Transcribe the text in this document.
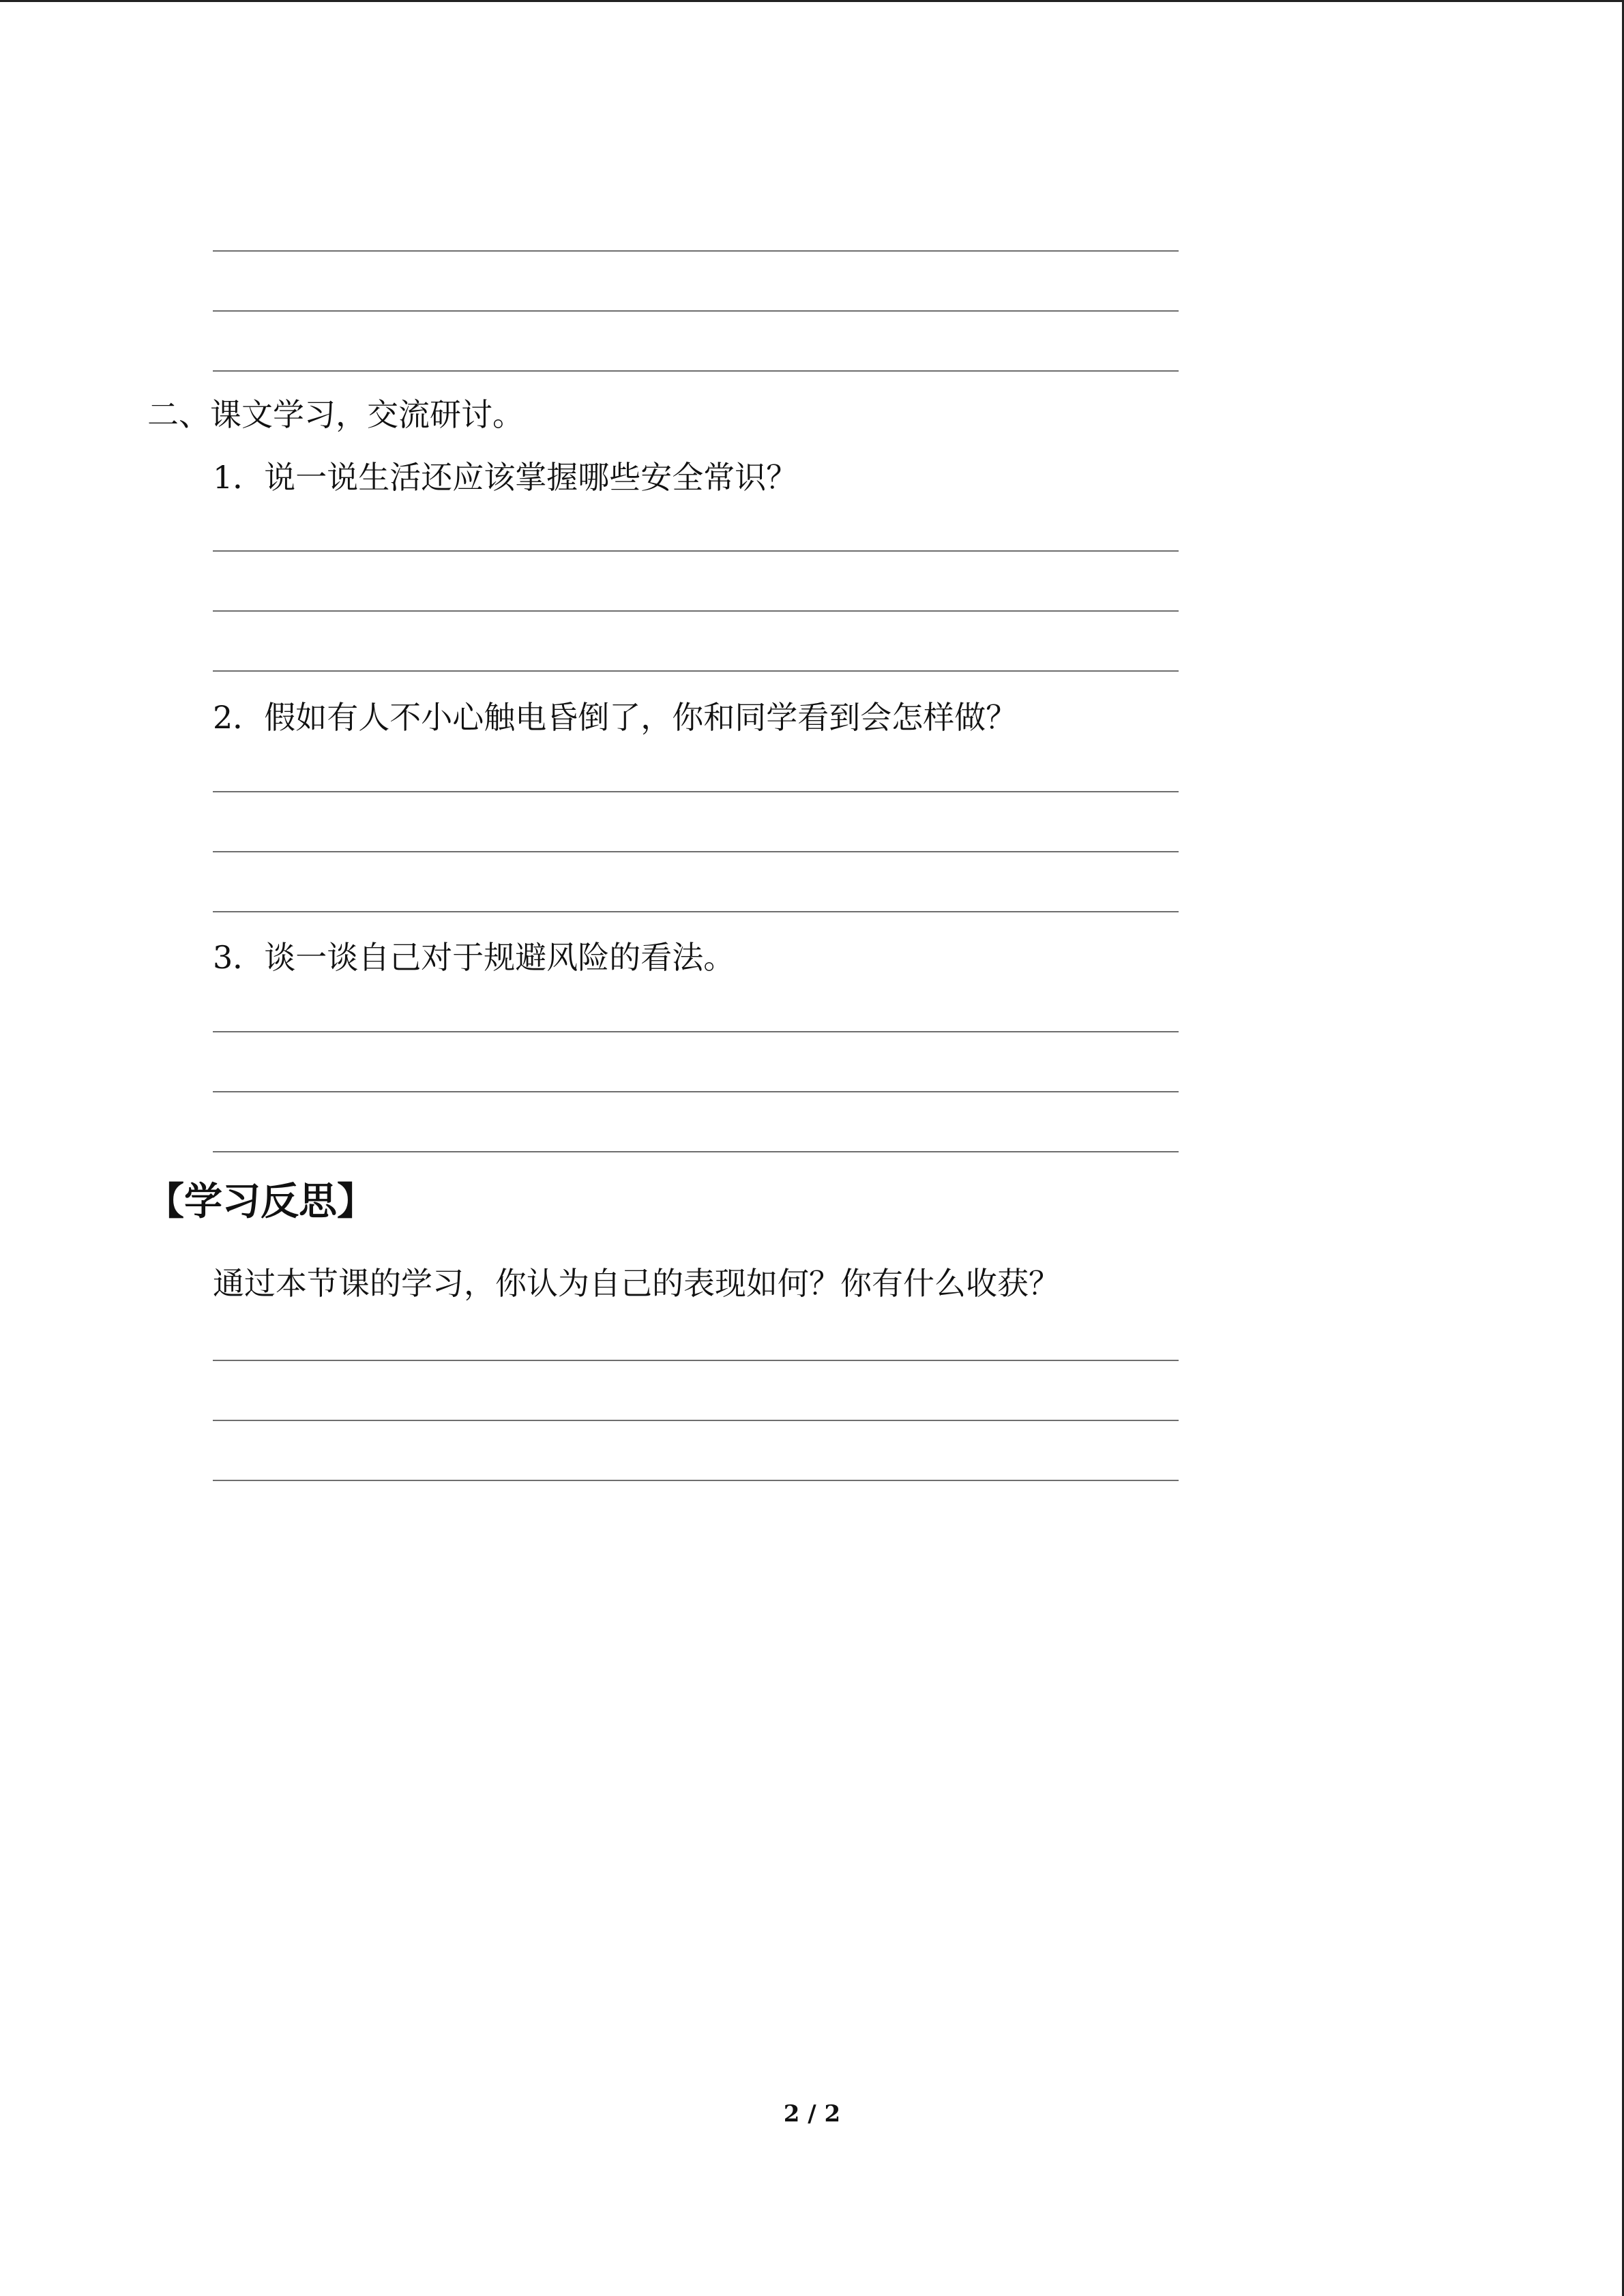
二、课文学习，交流研讨。
1．说一说生活还应该掌握哪些安全常识？
2．假如有人不小心触电昏倒了，你和同学看到会怎样做？
3．谈一谈自己对于规避风险的看法。
【学习反思】
通过本节课的学习，你认为自己的表现如何？你有什么收获？
2 / 2
